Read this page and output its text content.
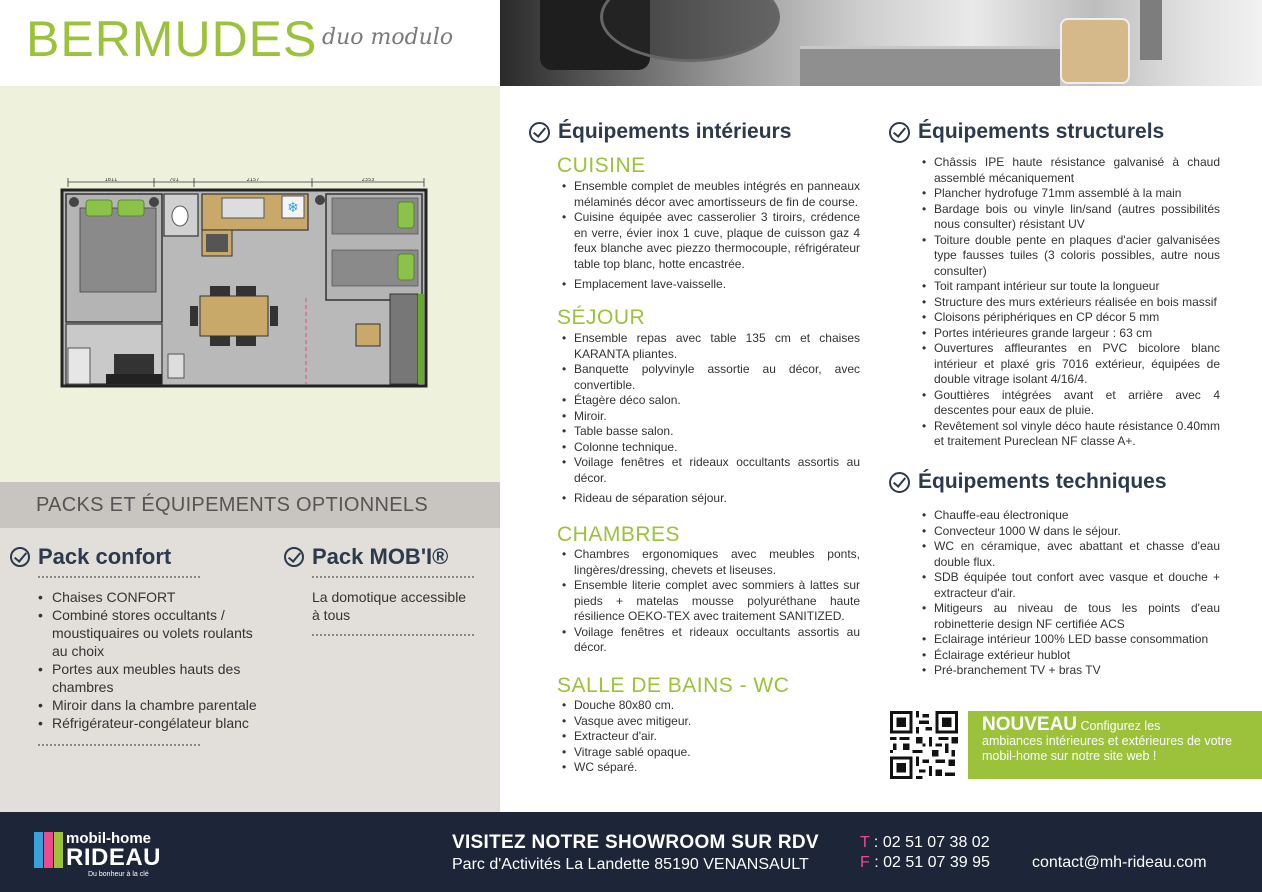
BERMUDES duo modulo
1811	701	2157	2353
❄
PACKS ET ÉQUIPEMENTS OPTIONNELS
Pack confort
• Chaises CONFORT
• Combiné stores occultants / moustiquaires ou volets roulants au choix
• Portes aux meubles hauts des chambres
• Miroir dans la chambre parentale
• Réfrigérateur-congélateur blanc
Pack MOB'I®
La domotique accessible à tous
Équipements intérieurs
CUISINE
• Ensemble complet de meubles intégrés en panneaux mélaminés décor avec amortisseurs de fin de course.
• Cuisine équipée avec casserolier 3 tiroirs, crédence en verre, évier inox 1 cuve, plaque de cuisson gaz 4 feux blanche avec piezzo thermocouple, réfrigérateur table top blanc, hotte encastrée.
• Emplacement lave-vaisselle.
SÉJOUR
• Ensemble repas avec table 135 cm et chaises KARANTA pliantes.
• Banquette polyvinyle assortie au décor, avec convertible.
• Étagère déco salon.
• Miroir.
• Table basse salon.
• Colonne technique.
• Voilage fenêtres et rideaux occultants assortis au décor.
• Rideau de séparation séjour.
CHAMBRES
• Chambres ergonomiques avec meubles ponts, lingères/dressing, chevets et liseuses.
• Ensemble literie complet avec sommiers à lattes sur pieds + matelas mousse polyuréthane haute résilience OEKO-TEX avec traitement SANITIZED.
• Voilage fenêtres et rideaux occultants assortis au décor.
SALLE DE BAINS - WC
• Douche 80x80 cm.
• Vasque avec mitigeur.
• Extracteur d'air.
• Vitrage sablé opaque.
• WC séparé.
Équipements structurels
• Châssis IPE haute résistance galvanisé à chaud assemblé mécaniquement
• Plancher hydrofuge 71mm assemblé à la main
• Bardage bois ou vinyle lin/sand (autres possibilités nous consulter) résistant UV
• Toiture double pente en plaques d'acier galvanisées type fausses tuiles (3 coloris possibles, autre nous consulter)
• Toit rampant intérieur sur toute la longueur
• Structure des murs extérieurs réalisée en bois massif
• Cloisons périphériques en CP décor 5 mm
• Portes intérieures grande largeur : 63 cm
• Ouvertures affleurantes en PVC bicolore blanc intérieur et plaxé gris 7016 extérieur, équipées de double vitrage isolant 4/16/4.
• Gouttières intégrées avant et arrière avec 4 descentes pour eaux de pluie.
• Revêtement sol vinyle déco haute résistance 0.40mm et traitement Pureclean NF classe A+.
Équipements techniques
• Chauffe-eau électronique
• Convecteur 1000 W dans le séjour.
• WC en céramique, avec abattant et chasse d'eau double flux.
• SDB équipée tout confort avec vasque et douche + extracteur d'air.
• Mitigeurs au niveau de tous les points d'eau robinetterie design NF certifiée ACS
• Eclairage intérieur 100% LED basse consommation
• Éclairage extérieur hublot
• Pré-branchement TV + bras TV
NOUVEAU Configurez les
ambiances intérieures et extérieures de votre mobil-home sur notre site web !
mobil-home
RIDEAU
Du bonheur à la clé
VISITEZ NOTRE SHOWROOM SUR RDV
Parc d'Activités La Landette 85190 VENANSAULT
T : 02 51 07 38 02
F : 02 51 07 39 95	contact@mh-rideau.com
